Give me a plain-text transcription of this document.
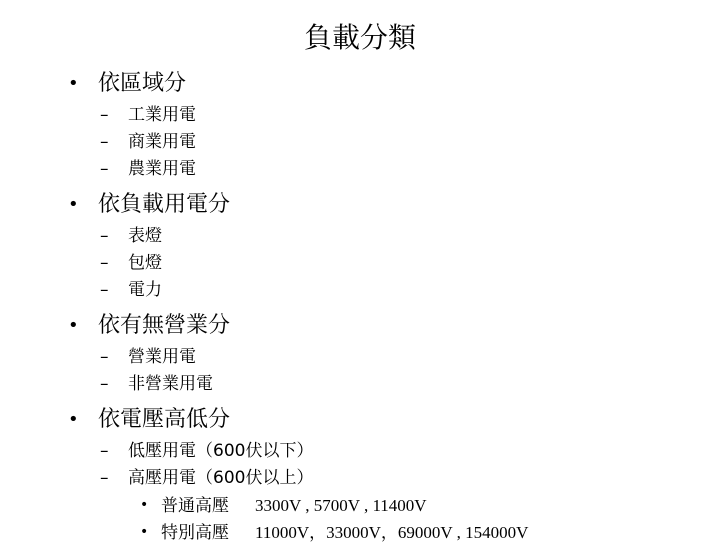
負載分類
• 依區域分
– 工業用電
– 商業用電
– 農業用電
• 依負載用電分
– 表燈
– 包燈
– 電力
• 依有無營業分
– 營業用電
– 非營業用電
• 依電壓高低分
– 低壓用電（600伏以下）
– 高壓用電（600伏以上）
• 普通高壓 3300V , 5700V , 11400V
• 特別高壓 11000V，33000V，69000V , 154000V
